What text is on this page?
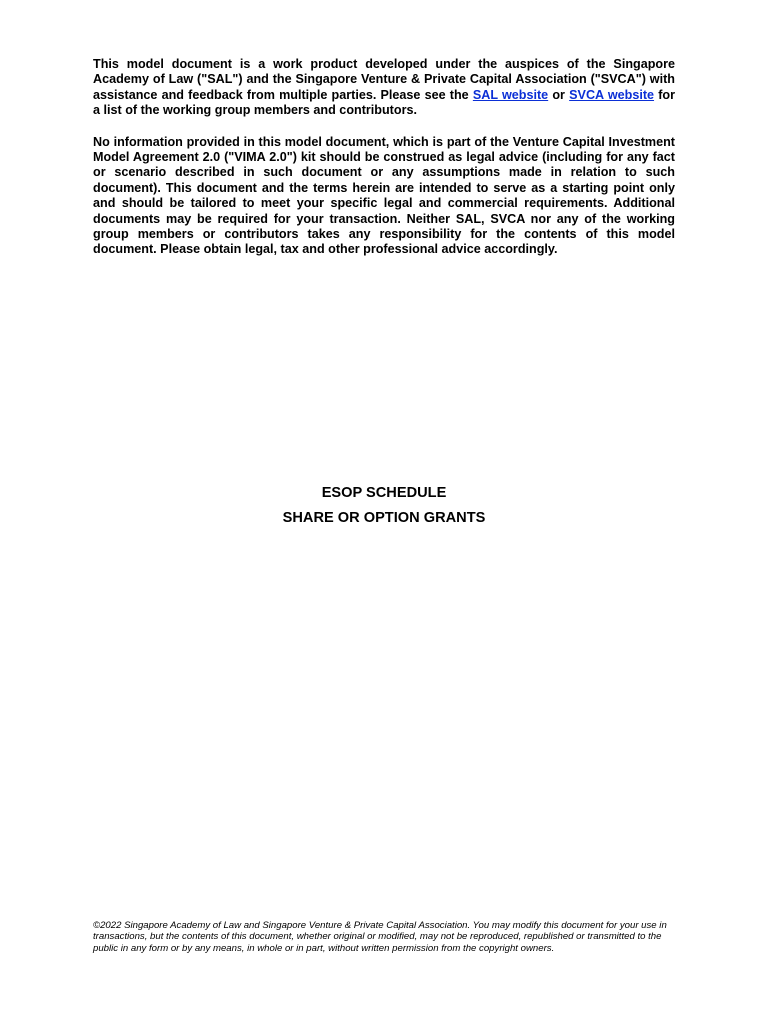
This model document is a work product developed under the auspices of the Singapore Academy of Law ("SAL") and the Singapore Venture & Private Capital Association ("SVCA") with assistance and feedback from multiple parties. Please see the SAL website or SVCA website for a list of the working group members and contributors.

No information provided in this model document, which is part of the Venture Capital Investment Model Agreement 2.0 ("VIMA 2.0") kit should be construed as legal advice (including for any fact or scenario described in such document or any assumptions made in relation to such document). This document and the terms herein are intended to serve as a starting point only and should be tailored to meet your specific legal and commercial requirements. Additional documents may be required for your transaction. Neither SAL, SVCA nor any of the working group members or contributors takes any responsibility for the contents of this model document. Please obtain legal, tax and other professional advice accordingly.

ESOP SCHEDULE
SHARE OR OPTION GRANTS
©2022 Singapore Academy of Law and Singapore Venture & Private Capital Association. You may modify this document for your use in transactions, but the contents of this document, whether original or modified, may not be reproduced, republished or transmitted to the public in any form or by any means, in whole or in part, without written permission from the copyright owners.
